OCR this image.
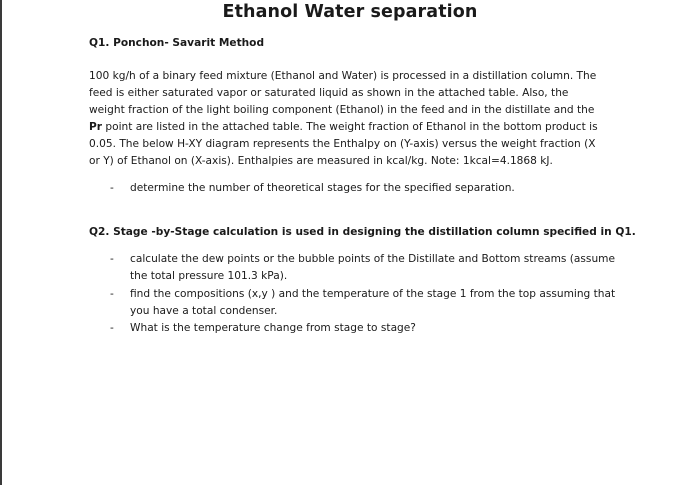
Ethanol Water separation
Q1. Ponchon- Savarit Method
100 kg/h of a binary feed mixture (Ethanol and Water) is processed in a distillation column. The
feed is either saturated vapor or saturated liquid as shown in the attached table. Also, the
weight fraction of the light boiling component (Ethanol) in the feed and in the distillate and the
Pr point are listed in the attached table. The weight fraction of Ethanol in the bottom product is
0.05. The below H-XY diagram represents the Enthalpy on (Y-axis) versus the weight fraction (X
or Y) of Ethanol on (X-axis). Enthalpies are measured in kcal/kg. Note: 1kcal=4.1868 kJ.
- determine the number of theoretical stages for the specified separation.
Q2. Stage -by-Stage calculation is used in designing the distillation column specified in Q1.
- calculate the dew points or the bubble points of the Distillate and Bottom streams (assume
the total pressure 101.3 kPa).
- find the compositions (x,y ) and the temperature of the stage 1 from the top assuming that
you have a total condenser.
- What is the temperature change from stage to stage?
